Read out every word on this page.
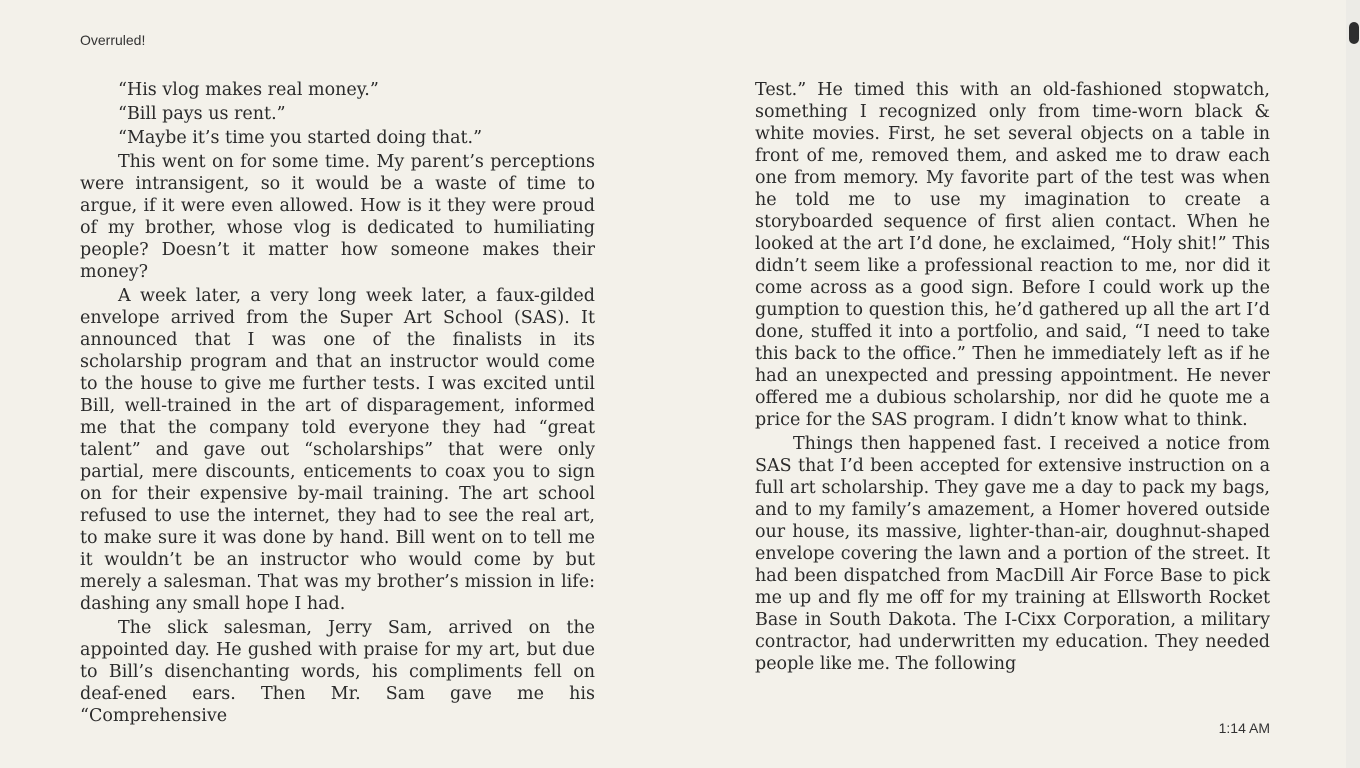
Overruled!

“His vlog makes real money.”

“Bill pays us rent.”

“Maybe it’s time you started doing that.”

This went on for some time. My parent’s perceptions were intransigent, so it would be a waste of time to argue, if it were even allowed. How is it they were proud of my brother, whose vlog is dedicated to humiliating people? Doesn’t it matter how someone makes their money?

A week later, a very long week later, a faux-gilded envelope arrived from the Super Art School (SAS). It announced that I was one of the finalists in its scholarship program and that an instructor would come to the house to give me further tests. I was excited until Bill, well-trained in the art of disparagement, informed me that the company told everyone they had “great talent” and gave out “scholarships” that were only partial, mere discounts, enticements to coax you to sign on for their expensive by-mail training. The art school refused to use the internet, they had to see the real art, to make sure it was done by hand. Bill went on to tell me it wouldn’t be an instructor who would come by but merely a salesman. That was my brother’s mission in life: dashing any small hope I had.

The slick salesman, Jerry Sam, arrived on the appointed day. He gushed with praise for my art, but due to Bill’s disenchanting words, his compliments fell on deaf-ened ears. Then Mr. Sam gave me his “Comprehensive

Test.” He timed this with an old-fashioned stopwatch, something I recognized only from time-worn black & white movies. First, he set several objects on a table in front of me, removed them, and asked me to draw each one from memory. My favorite part of the test was when he told me to use my imagination to create a storyboarded sequence of first alien contact. When he looked at the art I’d done, he exclaimed, “Holy shit!” This didn’t seem like a professional reaction to me, nor did it come across as a good sign. Before I could work up the gumption to question this, he’d gathered up all the art I’d done, stuffed it into a portfolio, and said, “I need to take this back to the office.” Then he immediately left as if he had an unexpected and pressing appointment. He never offered me a dubious scholarship, nor did he quote me a price for the SAS program. I didn’t know what to think.

Things then happened fast. I received a notice from SAS that I’d been accepted for extensive instruction on a full art scholarship. They gave me a day to pack my bags, and to my family’s amazement, a Homer hovered outside our house, its massive, lighter-than-air, doughnut-shaped envelope covering the lawn and a portion of the street. It had been dispatched from MacDill Air Force Base to pick me up and fly me off for my training at Ellsworth Rocket Base in South Dakota. The I-Cixx Corporation, a military contractor, had underwritten my education. They needed people like me. The following

1:14 AM
